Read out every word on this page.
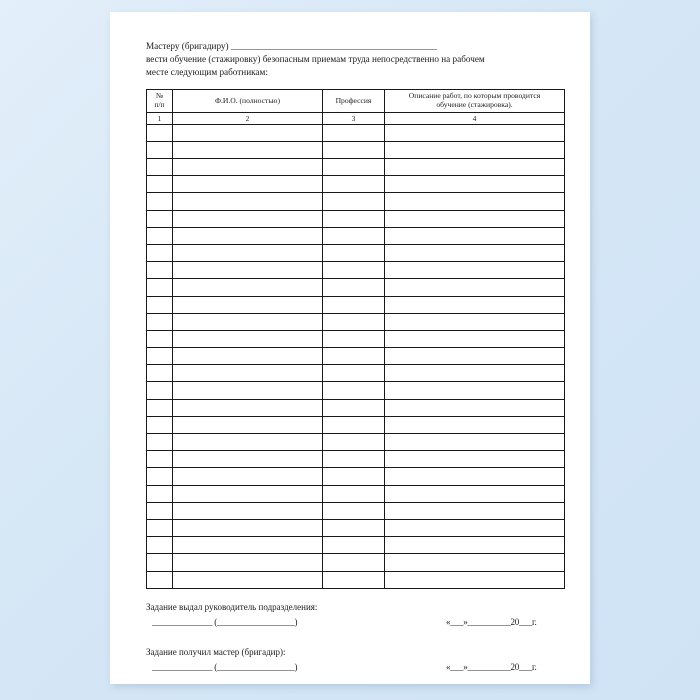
Мастеру (бригадиру) _________________________________________________
вести обучение (стажировку) безопасным приемам труда непосредственно на рабочем
месте следующим работникам:
№
п/п	Ф.И.О. (полностью)	Профессия	Описание работ, по которым проводится
обучение (стажировка).

1	2	3	4

Задание выдал руководитель подразделения:
______________ (__________________)	«___»__________20___г.
Задание получил мастер (бригадир):
______________ (__________________)	«___»__________20___г.
